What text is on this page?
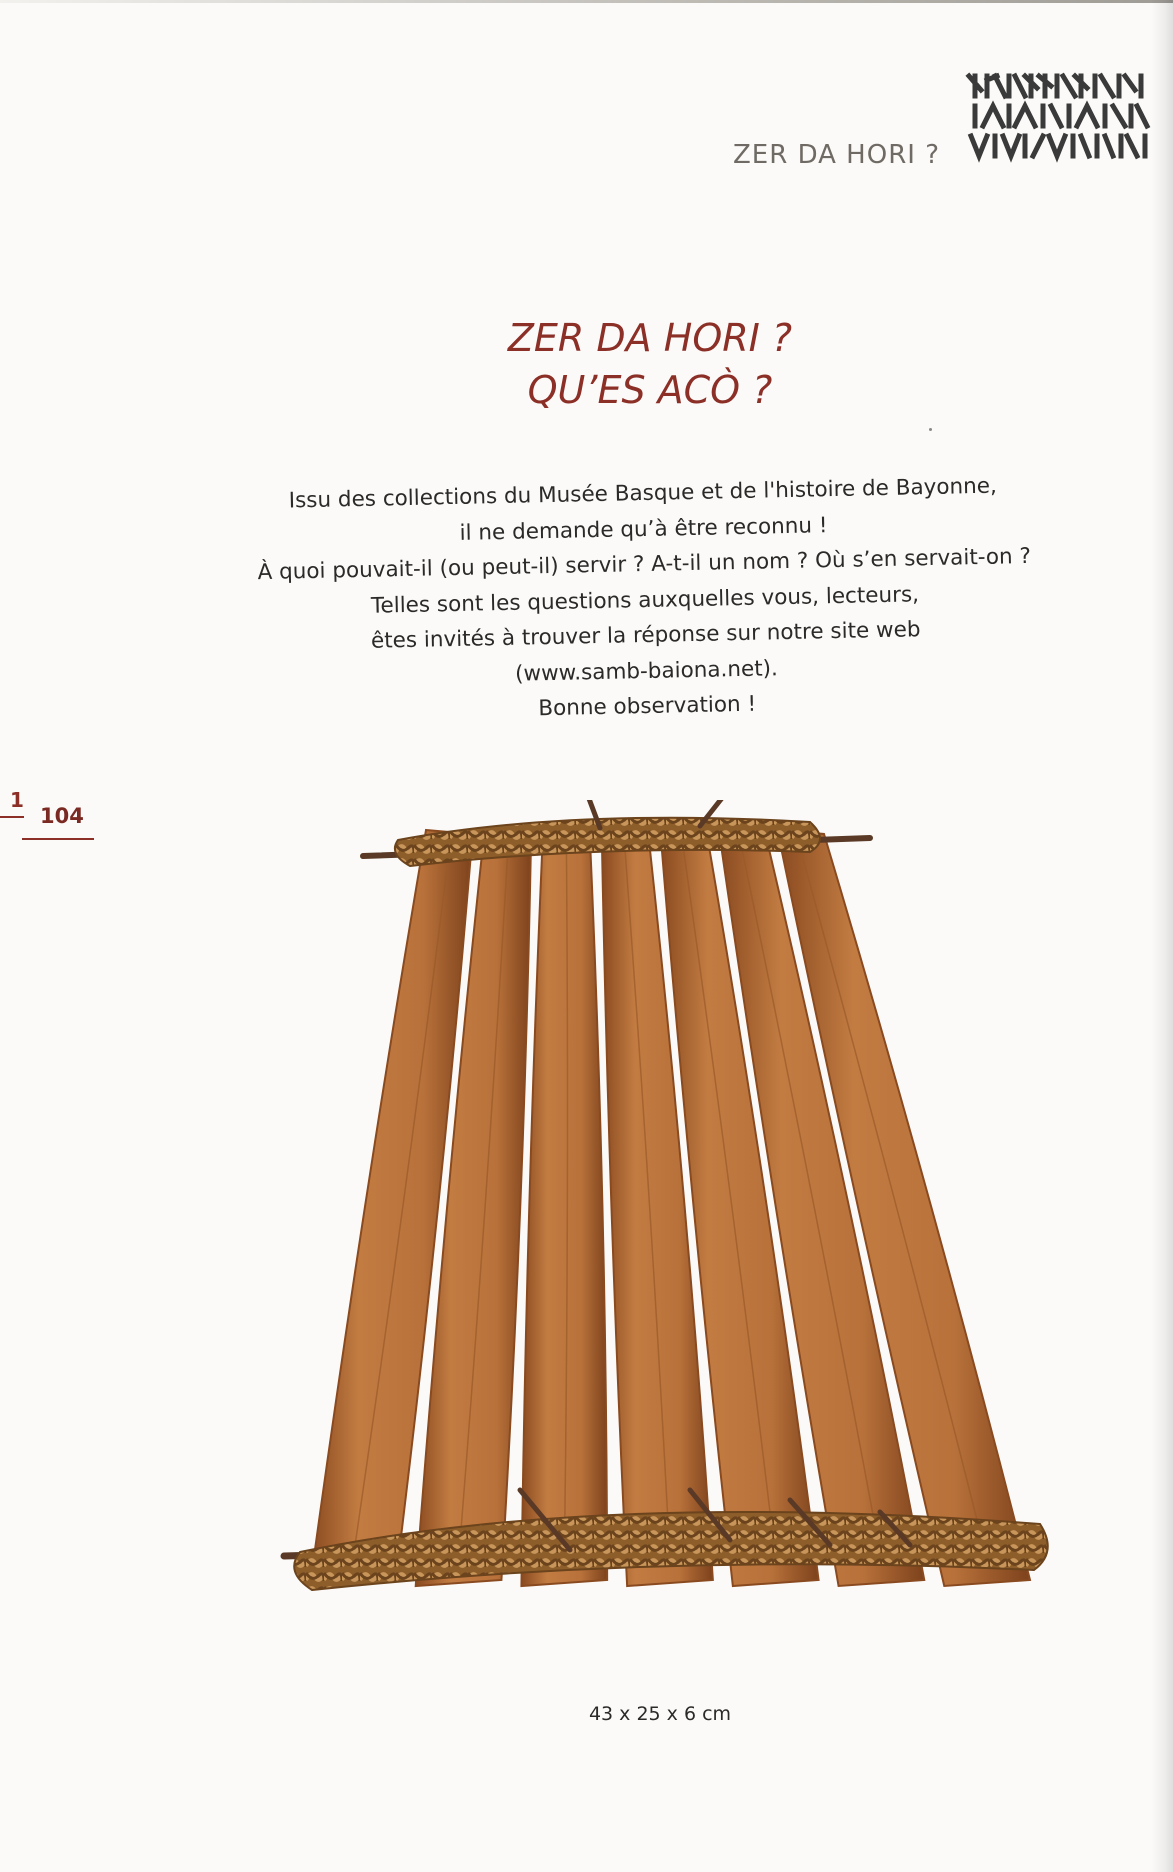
ZER DA HORI ?
ZER DA HORI ?
QU’ES ACÒ ?
Issu des collections du Musée Basque et de l'histoire de Bayonne,
il ne demande qu’à être reconnu !
À quoi pouvait-il (ou peut-il) servir ? A-t-il un nom ? Où s’en servait-on ?
Telles sont les questions auxquelles vous, lecteurs,
êtes invités à trouver la réponse sur notre site web
(www.samb-baiona.net).
Bonne observation !
1
104
43 x 25 x 6 cm
